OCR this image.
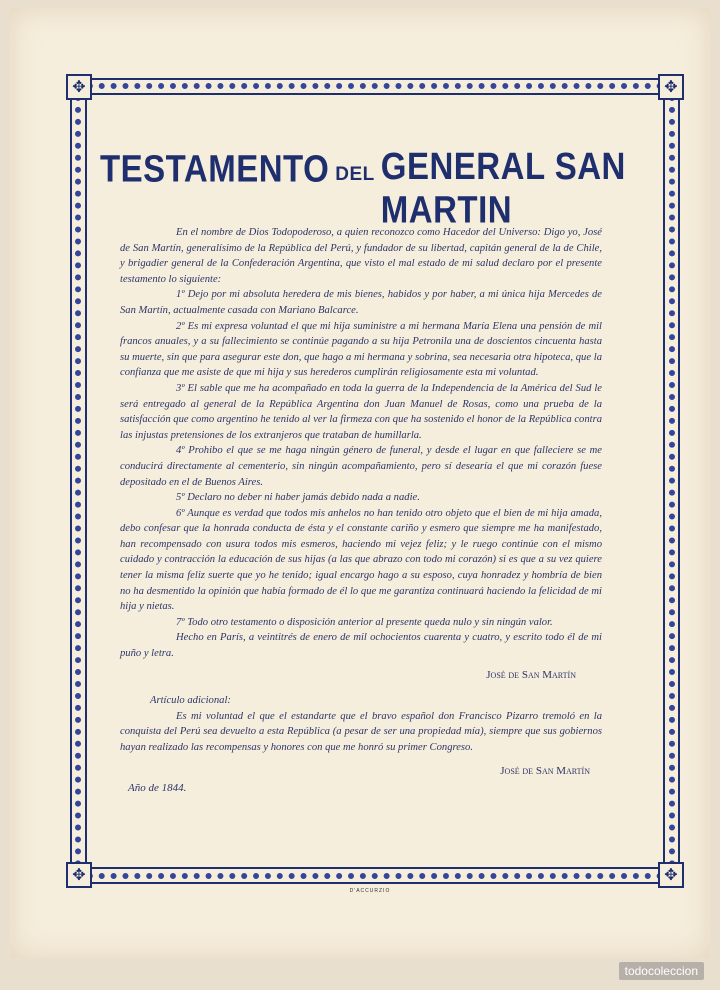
✥	✥
✥	✥
TESTAMENTO DEL GENERAL SAN MARTIN

En el nombre de Dios Todopoderoso, a quien reconozco como Hacedor del Universo: Digo yo, José de San Martín, generalísimo de la República del Perú, y fundador de su libertad, capitán general de la de Chile, y brigadier general de la Confederación Argentina, que visto el mal estado de mi salud declaro por el presente testamento lo siguiente:

1º Dejo por mi absoluta heredera de mis bienes, habidos y por haber, a mi única hija Mercedes de San Martín, actualmente casada con Mariano Balcarce.

2º Es mi expresa voluntad el que mi hija suministre a mi hermana María Elena una pensión de mil francos anuales, y a su fallecimiento se continúe pagando a su hija Petronila una de doscientos cincuenta hasta su muerte, sin que para asegurar este don, que hago a mi hermana y sobrina, sea necesaria otra hipoteca, que la confianza que me asiste de que mi hija y sus herederos cumplirán religiosamente esta mi voluntad.

3º El sable que me ha acompañado en toda la guerra de la Independencia de la América del Sud le será entregado al general de la República Argentina don Juan Manuel de Rosas, como una prueba de la satisfacción que como argentino he tenido al ver la firmeza con que ha sostenido el honor de la República contra las injustas pretensiones de los extranjeros que trataban de humillarla.

4º Prohibo el que se me haga ningún género de funeral, y desde el lugar en que falleciere se me conducirá directamente al cementerio, sin ningún acompañamiento, pero sí desearía el que mi corazón fuese depositado en el de Buenos Aires.

5º Declaro no deber ni haber jamás debido nada a nadie.

6º Aunque es verdad que todos mis anhelos no han tenido otro objeto que el bien de mi hija amada, debo confesar que la honrada conducta de ésta y el constante cariño y esmero que siempre me ha manifestado, han recompensado con usura todos mis esmeros, haciendo mi vejez feliz; y le ruego continúe con el mismo cuidado y contracción la educación de sus hijas (a las que abrazo con todo mi corazón) si es que a su vez quiere tener la misma feliz suerte que yo he tenido; igual encargo hago a su esposo, cuya honradez y hombría de bien no ha desmentido la opinión que había formado de él lo que me garantiza continuará haciendo la felicidad de mi hija y nietas.

7º Todo otro testamento o disposición anterior al presente queda nulo y sin ningún valor.

Hecho en París, a veintitrés de enero de mil ochocientos cuarenta y cuatro, y escrito todo él de mi puño y letra.

José de San Martín

Artículo adicional:

Es mi voluntad el que el estandarte que el bravo español don Francisco Pizarro tremoló en la conquista del Perú sea devuelto a esta República (a pesar de ser una propiedad mía), siempre que sus gobiernos hayan realizado las recompensas y honores con que me honró su primer Congreso.

José de San Martín

Año de 1844.

D'ACCURZIO
todocoleccion
